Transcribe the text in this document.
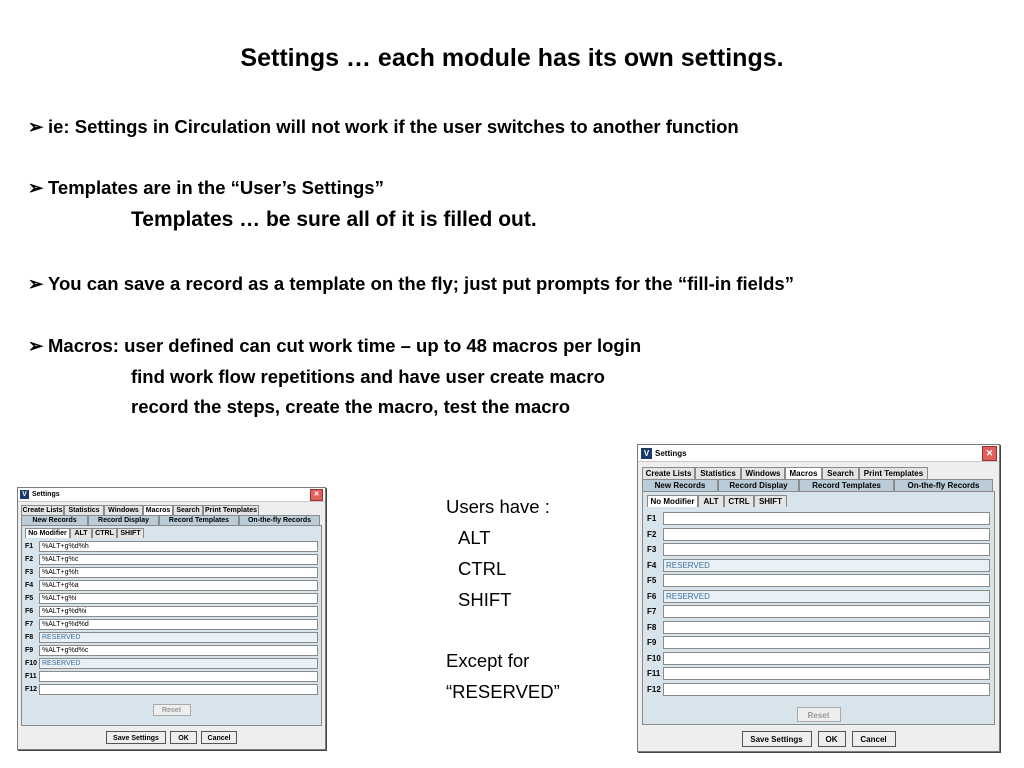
Settings … each module has its own settings.
➢ ie: Settings in Circulation will not work if the user switches to another function
➢ Templates are in the “User’s Settings”
Templates … be sure all of it is filled out.
➢ You can save a record as a template on the fly; just put prompts for the “fill-in fields”
➢ Macros: user defined can cut work time – up to 48 macros per login
find work flow repetitions and have user create macro
record the steps, create the macro, test the macro
Users have :
ALT
CTRL
SHIFT
Except for
“RESERVED”
V Settings	✕
Create Lists Statistics	Windows Macros Search Print Templates
New Records	Record Display	Record Templates	On-the-fly Records
No Modifier	ALT	CTRL SHIFT
F1	%ALT+g%d%h
F2	%ALT+g%c
F3	%ALT+g%h
F4	%ALT+g%a
F5	%ALT+g%i
F6	%ALT+g%d%i
F7	%ALT+g%d%d
F8	RESERVED
F9	%ALT+g%d%c
F10 RESERVED
F11
F12
Reset
Save Settings	OK	Cancel
V Settings	✕
Create Lists	Statistics	Windows	Macros	Search	Print Templates
New Records	Record Display	Record Templates	On-the-fly Records
No Modifier	ALT	CTRL	SHIFT
F1
F2
F3
F4	RESERVED
F5
F6	RESERVED
F7
F8
F9
F10
F11
F12
Reset
Save Settings	OK	Cancel
